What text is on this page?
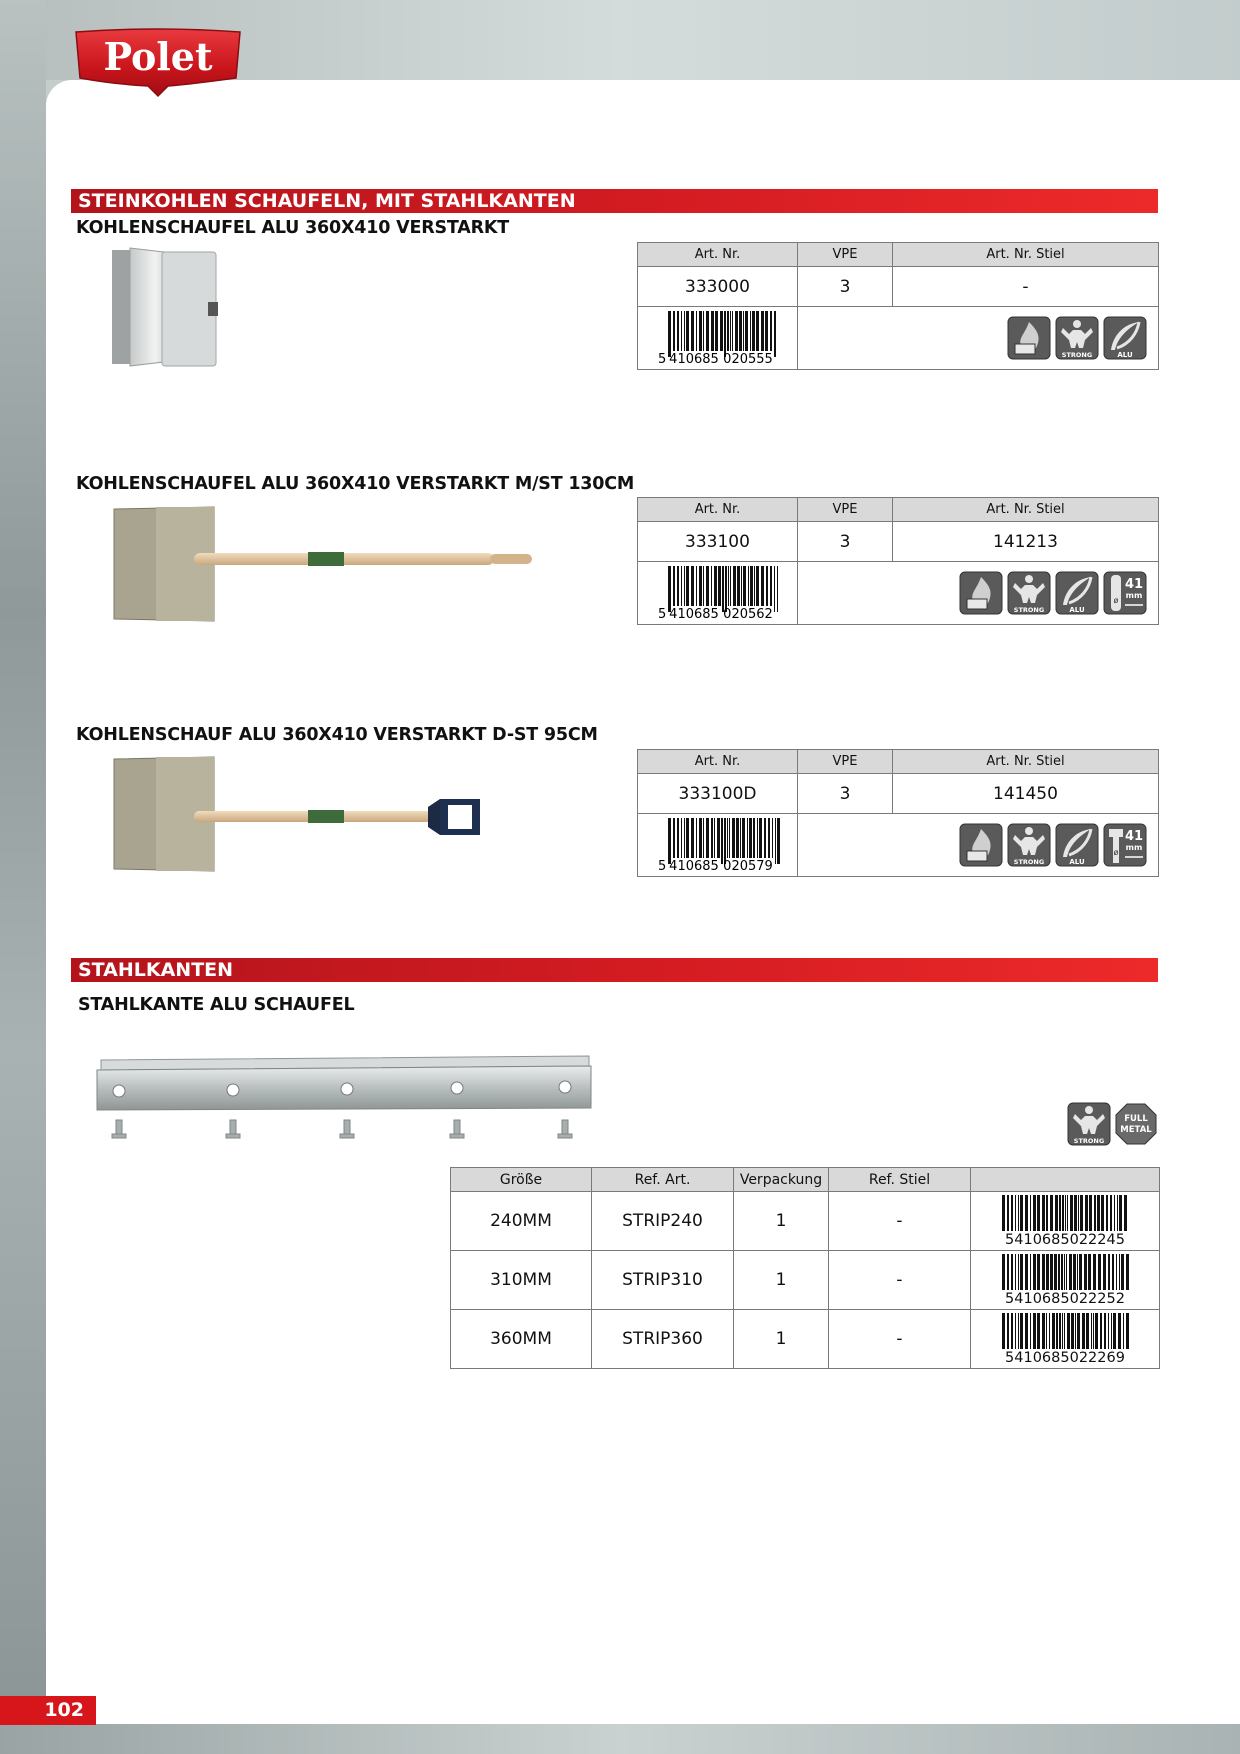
Polet
STEINKOHLEN SCHAUFELN, MIT STAHLKANTEN
KOHLENSCHAUFEL ALU 360X410 VERSTARKT
Art. Nr.	VPE	Art. Nr. Stiel
333000	3	-

5 410685 020555	STRONG ALU	
KOHLENSCHAUFEL ALU 360X410 VERSTARKT M/ST 130CM
Art. Nr.	VPE	Art. Nr. Stiel
333100	3	141213

5 410685 020562	STRONG ALU
41
mm
ø	
KOHLENSCHAUF ALU 360X410 VERSTARKT D-ST 95CM
Art. Nr.	VPE	Art. Nr. Stiel
333100D	3	141450

5 410685 020579	STRONG ALU
41
mm
ø	
STAHLKANTEN
STAHLKANTE ALU SCHAUFEL
STRONG
FULL
METAL
Größe	Ref. Art.	Verpackung	Ref. Stiel	
240MM	STRIP240	1	-	5410685022245

310MM	STRIP310	1	-	5410685022252

360MM	STRIP360	1	-	5410685022269
102
